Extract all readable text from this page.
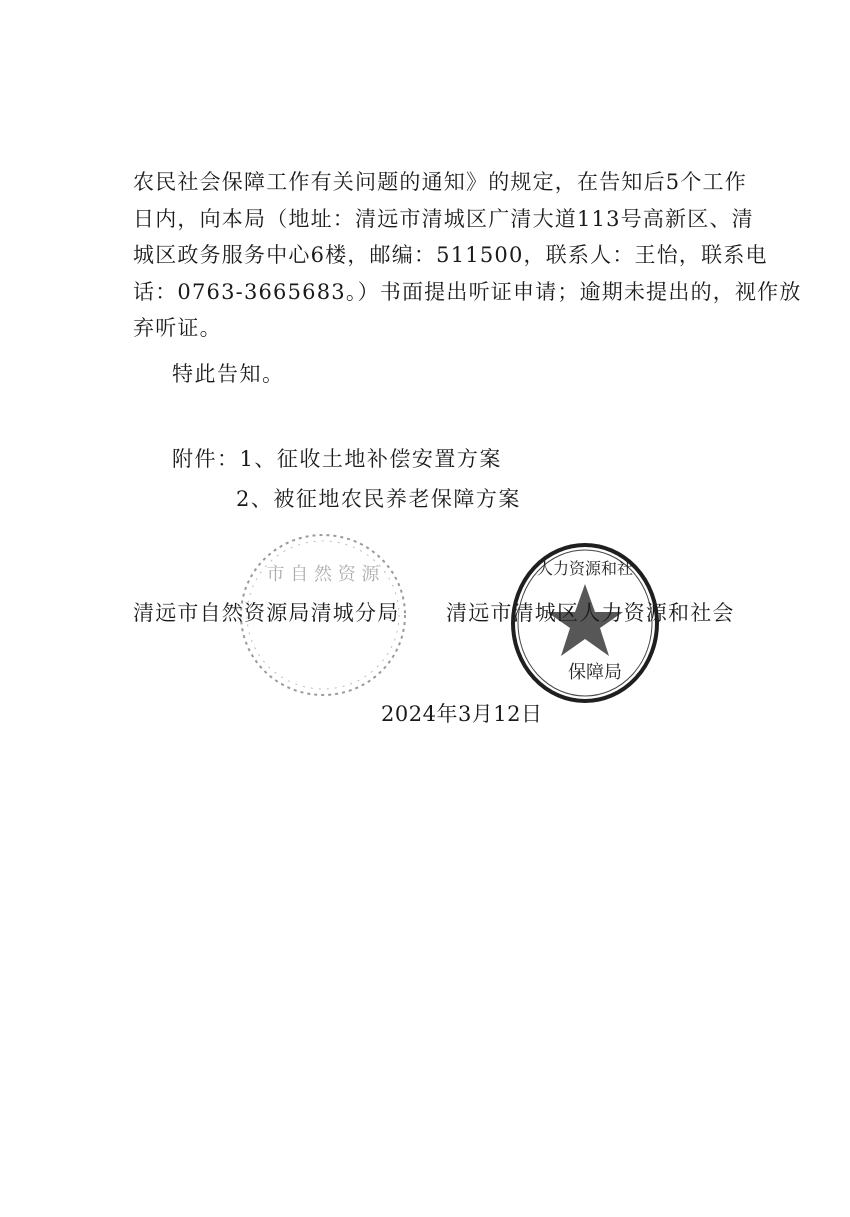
农民社会保障工作有关问题的通知》的规定，在告知后5个工作
日内，向本局（地址：清远市清城区广清大道113号高新区、清
城区政务服务中心6楼，邮编：511500，联系人：王怡，联系电
话：0763-3665683。）书面提出听证申请；逾期未提出的，视作放
弃听证。
特此告知。
附件：1、征收土地补偿安置方案
2、被征地农民养老保障方案
市 自 然 资 源	人力资源和社
保障局
清远市自然资源局清城分局 清远市清城区人力资源和社会
2024年3月12日
